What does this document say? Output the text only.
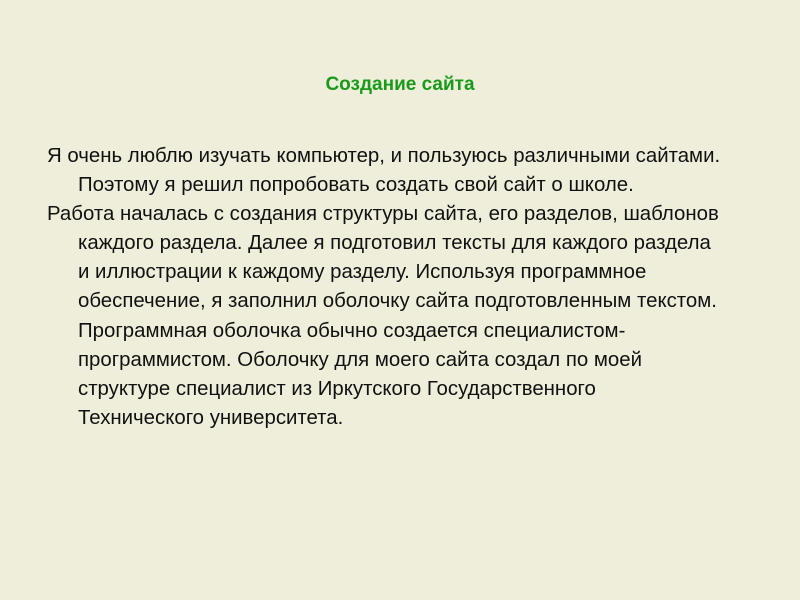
Создание сайта

Я очень люблю изучать компьютер, и пользуюсь различными сайтами. Поэтому я решил попробовать создать свой сайт о школе.

Работа началась с создания структуры сайта, его разделов, шаблонов каждого раздела. Далее я подготовил тексты для каждого раздела и иллюстрации к каждому разделу. Используя программное обеспечение, я заполнил оболочку сайта подготовленным текстом. Программная оболочка обычно создается специалистом-программистом. Оболочку для моего сайта создал по моей структуре специалист из Иркутского Государственного Технического университета.
